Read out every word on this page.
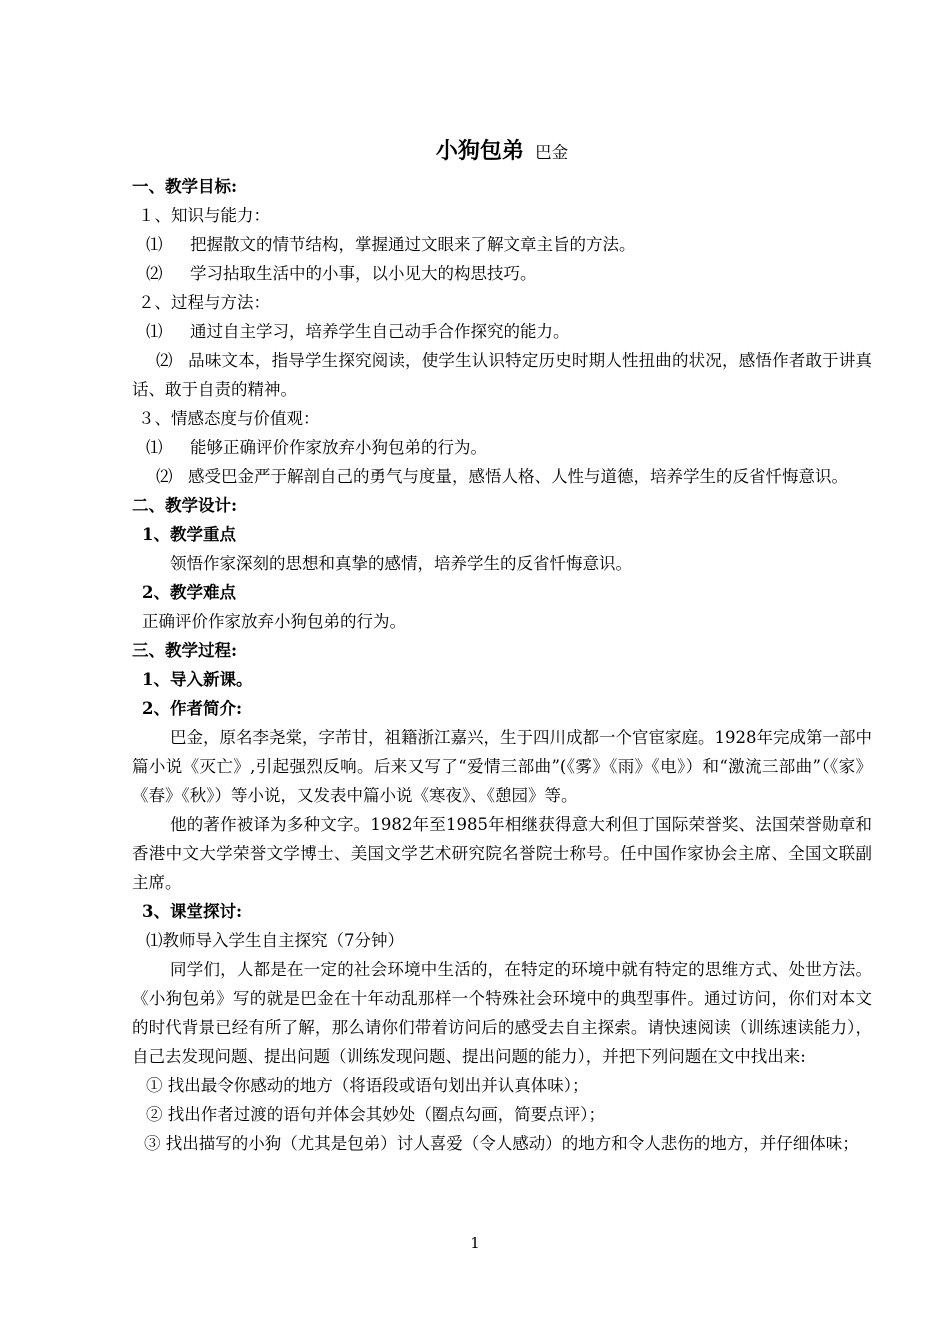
小狗包弟 巴金
一、教学目标:
１、知识与能力：
⑴ 把握散文的情节结构，掌握通过文眼来了解文章主旨的方法。
⑵ 学习拈取生活中的小事，以小见大的构思技巧。
２、过程与方法：
⑴ 通过自主学习，培养学生自己动手合作探究的能力。
⑵ 品味文本，指导学生探究阅读，使学生认识特定历史时期人性扭曲的状况，感悟作者敢于讲真话、敢于自责的精神。
３、情感态度与价值观：
⑴ 能够正确评价作家放弃小狗包弟的行为。
⑵ 感受巴金严于解剖自己的勇气与度量，感悟人格、人性与道德，培养学生的反省忏悔意识。
二、教学设计:
1、教学重点
领悟作家深刻的思想和真挚的感情，培养学生的反省忏悔意识。
2、教学难点
正确评价作家放弃小狗包弟的行为。
三、教学过程:
1、导入新课。
2、作者简介:
巴金，原名李尧棠，字芾甘，祖籍浙江嘉兴，生于四川成都一个官宦家庭。1928年完成第一部中篇小说《灭亡》,引起强烈反响。后来又写了“爱情三部曲”(《雾》《雨》《电》）和“激流三部曲”（《家》《春》《秋》）等小说，又发表中篇小说《寒夜》、《憩园》等。
他的著作被译为多种文字。1982年至1985年相继获得意大利但丁国际荣誉奖、法国荣誉勋章和香港中文大学荣誉文学博士、美国文学艺术研究院名誉院士称号。任中国作家协会主席、全国文联副主席。
3、课堂探讨:
⑴教师导入学生自主探究（7分钟）
同学们，人都是在一定的社会环境中生活的，在特定的环境中就有特定的思维方式、处世方法。《小狗包弟》写的就是巴金在十年动乱那样一个特殊社会环境中的典型事件。通过访问，你们对本文的时代背景已经有所了解，那么请你们带着访问后的感受去自主探索。请快速阅读（训练速读能力），自己去发现问题、提出问题（训练发现问题、提出问题的能力），并把下列问题在文中找出来:
① 找出最令你感动的地方（将语段或语句划出并认真体味）；
② 找出作者过渡的语句并体会其妙处（圈点勾画，简要点评）；
③ 找出描写的小狗（尤其是包弟）讨人喜爱（令人感动）的地方和令人悲伤的地方，并仔细体味；
1
